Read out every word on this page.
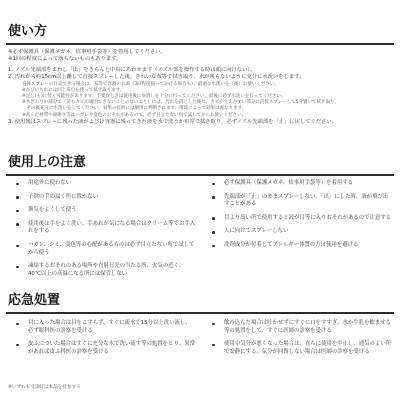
使い方
※必ず保護具（保護メガネ、炊事用手袋等）を着用してください。
※1回の程度によって落ちないものもあります。
1. ノズル先端部をまわし「出」をきちんと中央にあわせます（ノズル部を操作する時は顔に向けない）。
2. 汚れから約15cm以上離して直接スプレーした後、きれいな布等で拭き取り、水が残らないように充分に水洗いをします。
直接スプレーの目安できる場合は、布等で容器のお湯（3回程度振ってかける場合も）、最適な水洗いを（後）お使いください。
※かびいちれには同じ布巾を使って拭き取ります。
※足し(も)に付く可能性があります、不要なときは使用後にゆ消しを十分に行ってください。最後に必ず水洗いを行ってください。
※水ぎわりの部分で（前もカビが頑固できないことのないこと）には、汚れを落とした後に、カビが生えかすい部分に直接スプレーして5分置いて拭き取り、
　その後充分に水洗いをしてください。効果の持続には個別に判断されます。環境によって効果は異なります。
※高んだ材質や歯磨き等はハガレや変色のおそれがあるので、必ず目立たない所で試してからお使いください。
3. 使用後はスプレーに残った液がよびけ容器に残ってきた液を水で洗うか布等で拭き取り、必ずノズル先端部を「止」に戻してください。
使用上の注意
用途外に使わない
子供の手の届く所に置かない
換気をよくして使う
使用後は手をよく洗い、手あれが気になる場合はクリーム等でお手入れをする
ハガレ、シミ、変色等の心配があるものは必ず目立たない所で試してから使う
凍結するおそれのある場所や直射日光の当たる所、火気の近く、40℃以上の高温になる所には保管しない
必ず保護具（保護メガネ、炊事用手袋等）を着用する
先端部が「止」のままスプレーしない。「出」にした時、液が飛び出すことがある
目より高い所で使用すると液が目等に入りおそれがあるので注意する
人に向けてスプレーしない
洗剤成分が付着してアレルギー体質の方は使用を避ける
応急処置
目に入った場合は目をこすらず、すぐに流水で15分以上洗い流し、必ず眼科医の診察を受ける
皮ふについた場合はすぐに充分な水で洗い流す等の処置をとり、異常があれば皮ふ科医の診察を受ける
飲み込んだ場合は吐かせずにすぐに口をすすぎ、水か牛乳を飲ませる等の処置をして、すぐに医師の診察を受ける
使用中気分が悪くなった場合は、直ちに使用を中止し、通気のよい所で安静にする。気分が回復しない場合は医師の診察を受ける
※いずれも受診時は本品を持参する
